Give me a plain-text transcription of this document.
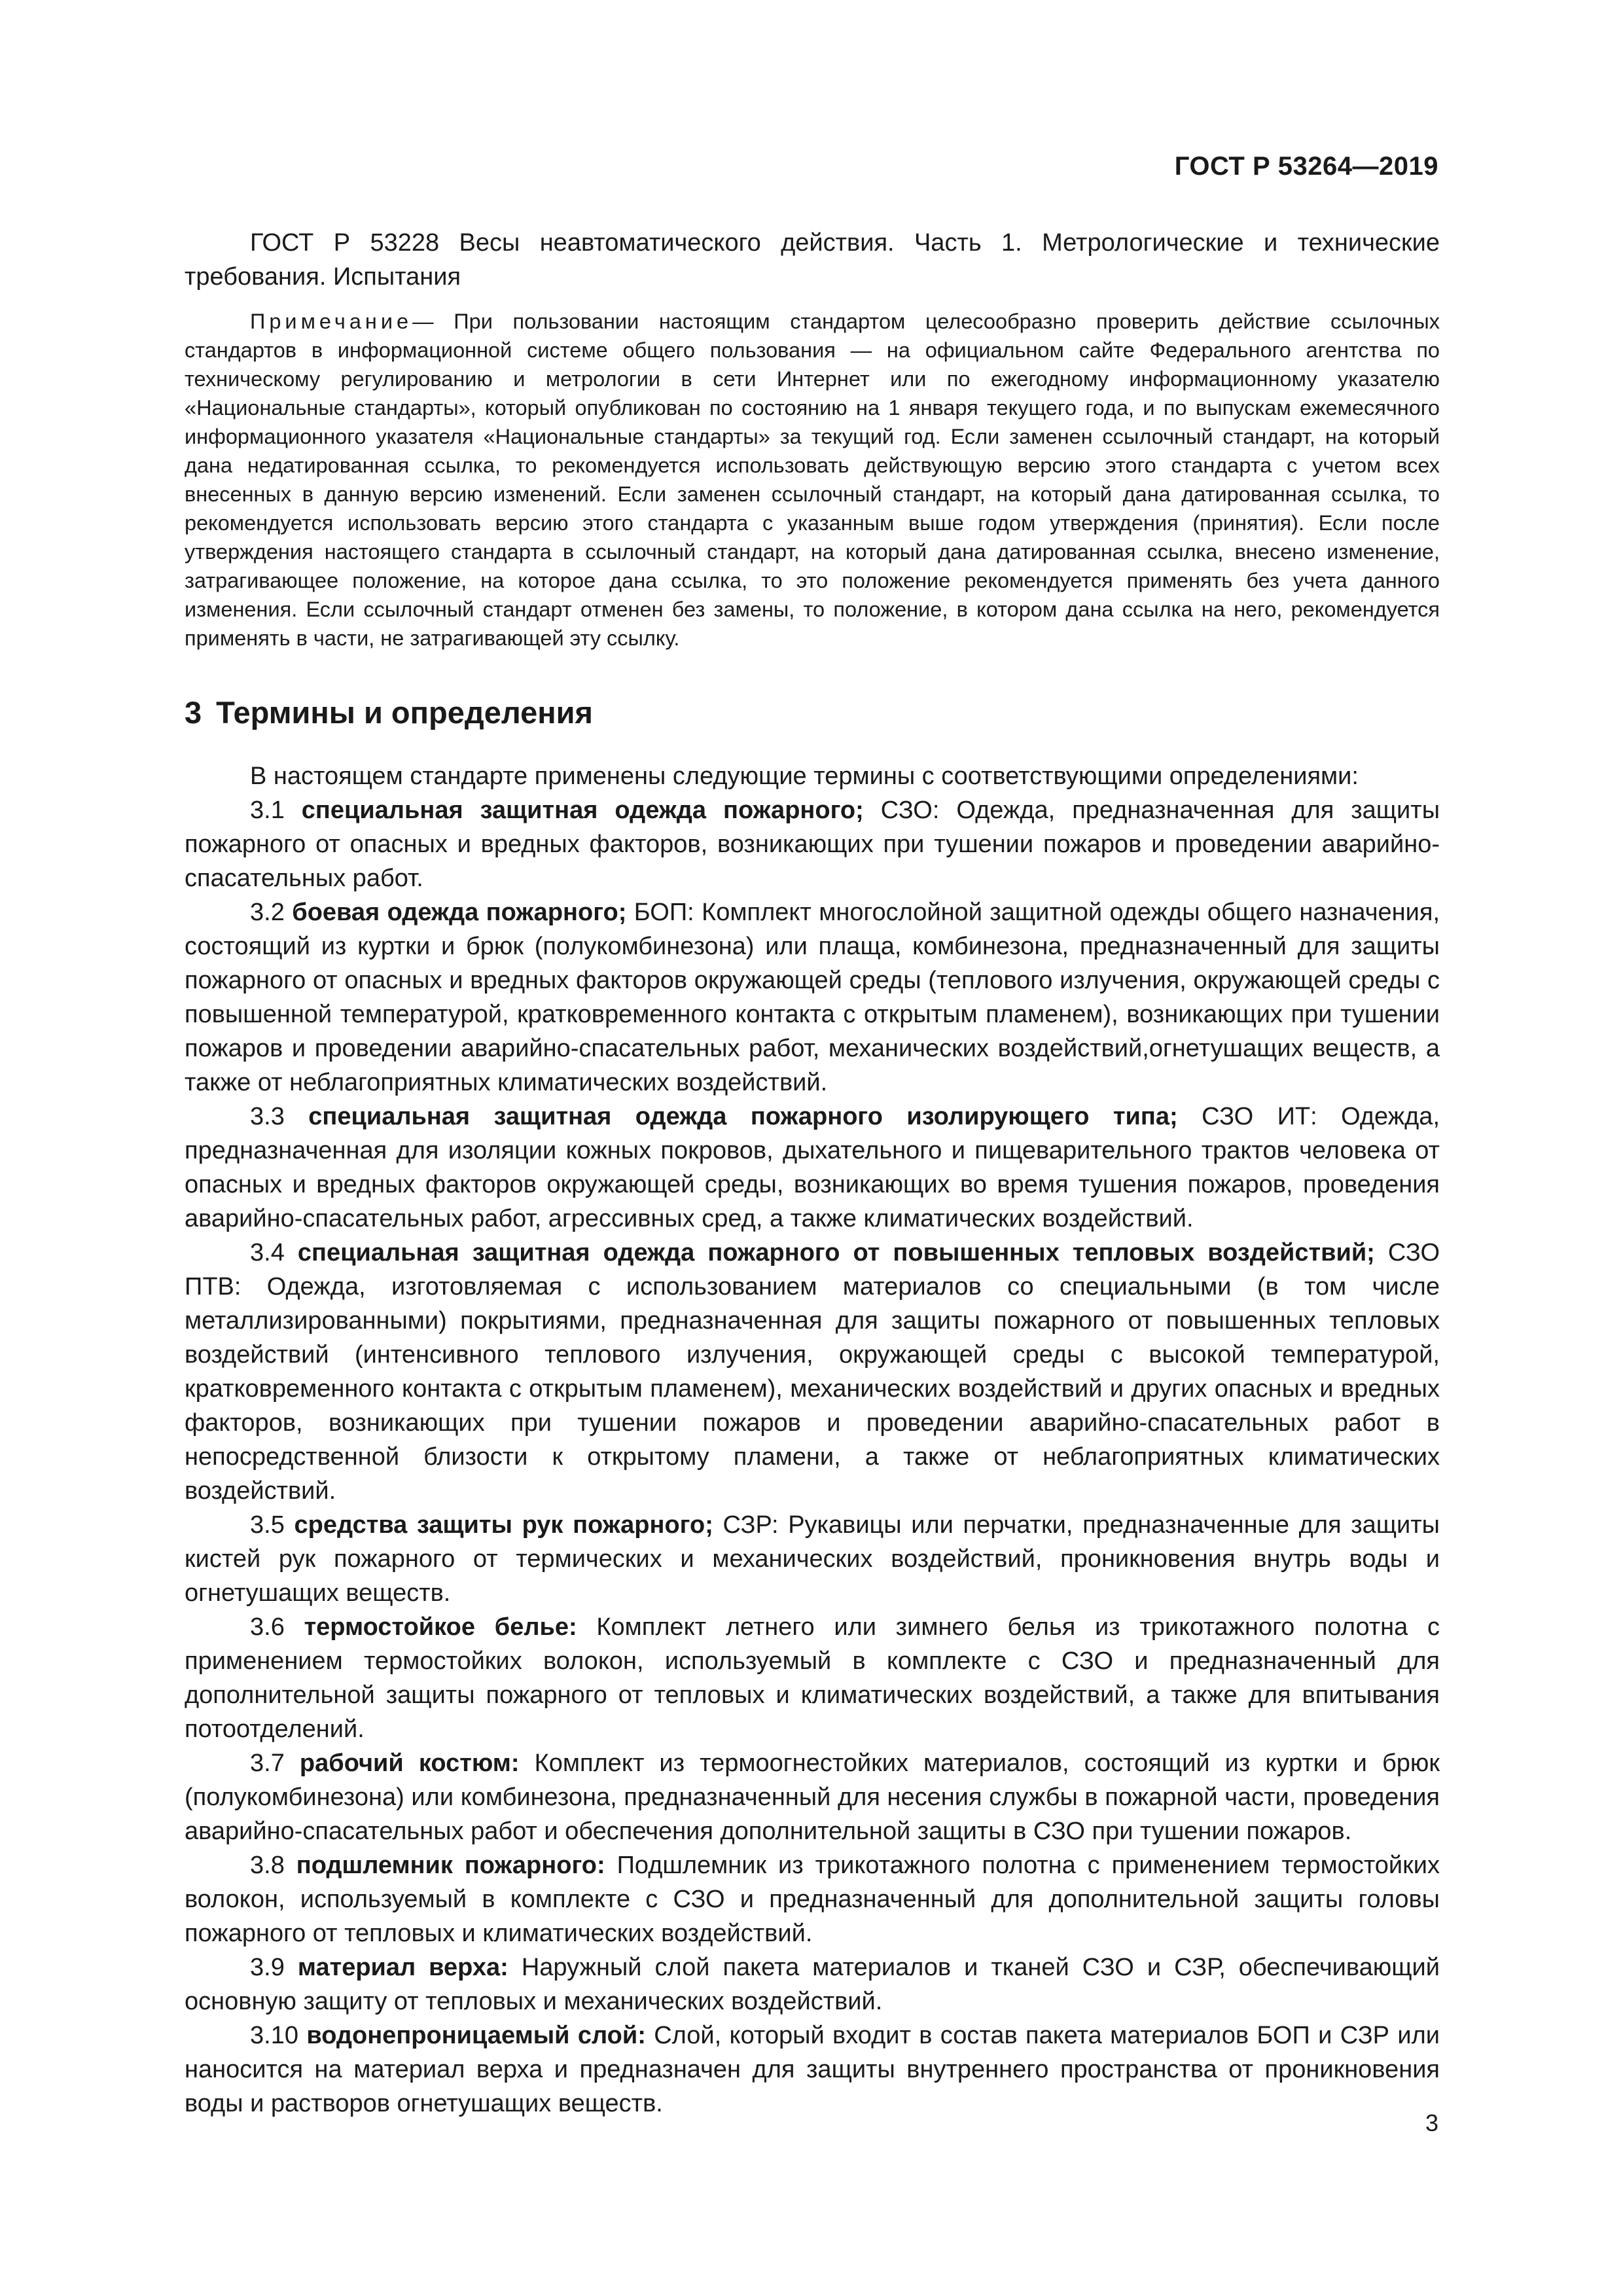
ГОСТ Р 53264—2019

ГОСТ Р 53228 Весы неавтоматического действия. Часть 1. Метрологические и технические требования. Испытания

Примечание— При пользовании настоящим стандартом целесообразно проверить действие ссылочных стандартов в информационной системе общего пользования — на официальном сайте Федерального агентства по техническому регулированию и метрологии в сети Интернет или по ежегодному информационному указателю «Национальные стандарты», который опубликован по состоянию на 1 января текущего года, и по выпускам ежемесячного информационного указателя «Национальные стандарты» за текущий год. Если заменен ссылочный стандарт, на который дана недатированная ссылка, то рекомендуется использовать действующую версию этого стандарта с учетом всех внесенных в данную версию изменений. Если заменен ссылочный стандарт, на который дана датированная ссылка, то рекомендуется использовать версию этого стандарта с указанным выше годом утверждения (принятия). Если после утверждения настоящего стандарта в ссылочный стандарт, на который дана датированная ссылка, внесено изменение, затрагивающее положение, на которое дана ссылка, то это положение рекомендуется применять без учета данного изменения. Если ссылочный стандарт отменен без замены, то положение, в котором дана ссылка на него, рекомендуется применять в части, не затрагивающей эту ссылку.

3 Термины и определения

В настоящем стандарте применены следующие термины с соответствующими определениями:

3.1 специальная защитная одежда пожарного; СЗО: Одежда, предназначенная для защиты пожарного от опасных и вредных факторов, возникающих при тушении пожаров и проведении аварийно-спасательных работ.

3.2 боевая одежда пожарного; БОП: Комплект многослойной защитной одежды общего назначения, состоящий из куртки и брюк (полукомбинезона) или плаща, комбинезона, предназначенный для защиты пожарного от опасных и вредных факторов окружающей среды (теплового излучения, окружающей среды с повышенной температурой, кратковременного контакта с открытым пламенем), возникающих при тушении пожаров и проведении аварийно-спасательных работ, механических воздействий,огнетушащих веществ, а также от неблагоприятных климатических воздействий.

3.3 специальная защитная одежда пожарного изолирующего типа; СЗО ИТ: Одежда, предназначенная для изоляции кожных покровов, дыхательного и пищеварительного трактов человека от опасных и вредных факторов окружающей среды, возникающих во время тушения пожаров, проведения аварийно-спасательных работ, агрессивных сред, а также климатических воздействий.

3.4 специальная защитная одежда пожарного от повышенных тепловых воздействий; СЗО ПТВ: Одежда, изготовляемая с использованием материалов со специальными (в том числе металлизированными) покрытиями, предназначенная для защиты пожарного от повышенных тепловых воздействий (интенсивного теплового излучения, окружающей среды с высокой температурой, кратковременного контакта с открытым пламенем), механических воздействий и других опасных и вредных факторов, возникающих при тушении пожаров и проведении аварийно-спасательных работ в непосредственной близости к открытому пламени, а также от неблагоприятных климатических воздействий.

3.5 средства защиты рук пожарного; СЗР: Рукавицы или перчатки, предназначенные для защиты кистей рук пожарного от термических и механических воздействий, проникновения внутрь воды и огнетушащих веществ.

3.6 термостойкое белье: Комплект летнего или зимнего белья из трикотажного полотна с применением термостойких волокон, используемый в комплекте с СЗО и предназначенный для дополнительной защиты пожарного от тепловых и климатических воздействий, а также для впитывания потоотделений.

3.7 рабочий костюм: Комплект из термоогнестойких материалов, состоящий из куртки и брюк (полукомбинезона) или комбинезона, предназначенный для несения службы в пожарной части, проведения аварийно-спасательных работ и обеспечения дополнительной защиты в СЗО при тушении пожаров.

3.8 подшлемник пожарного: Подшлемник из трикотажного полотна с применением термостойких волокон, используемый в комплекте с СЗО и предназначенный для дополнительной защиты головы пожарного от тепловых и климатических воздействий.

3.9 материал верха: Наружный слой пакета материалов и тканей СЗО и СЗР, обеспечивающий основную защиту от тепловых и механических воздействий.

3.10 водонепроницаемый слой: Слой, который входит в состав пакета материалов БОП и СЗР или наносится на материал верха и предназначен для защиты внутреннего пространства от проникновения воды и растворов огнетушащих веществ.

3
